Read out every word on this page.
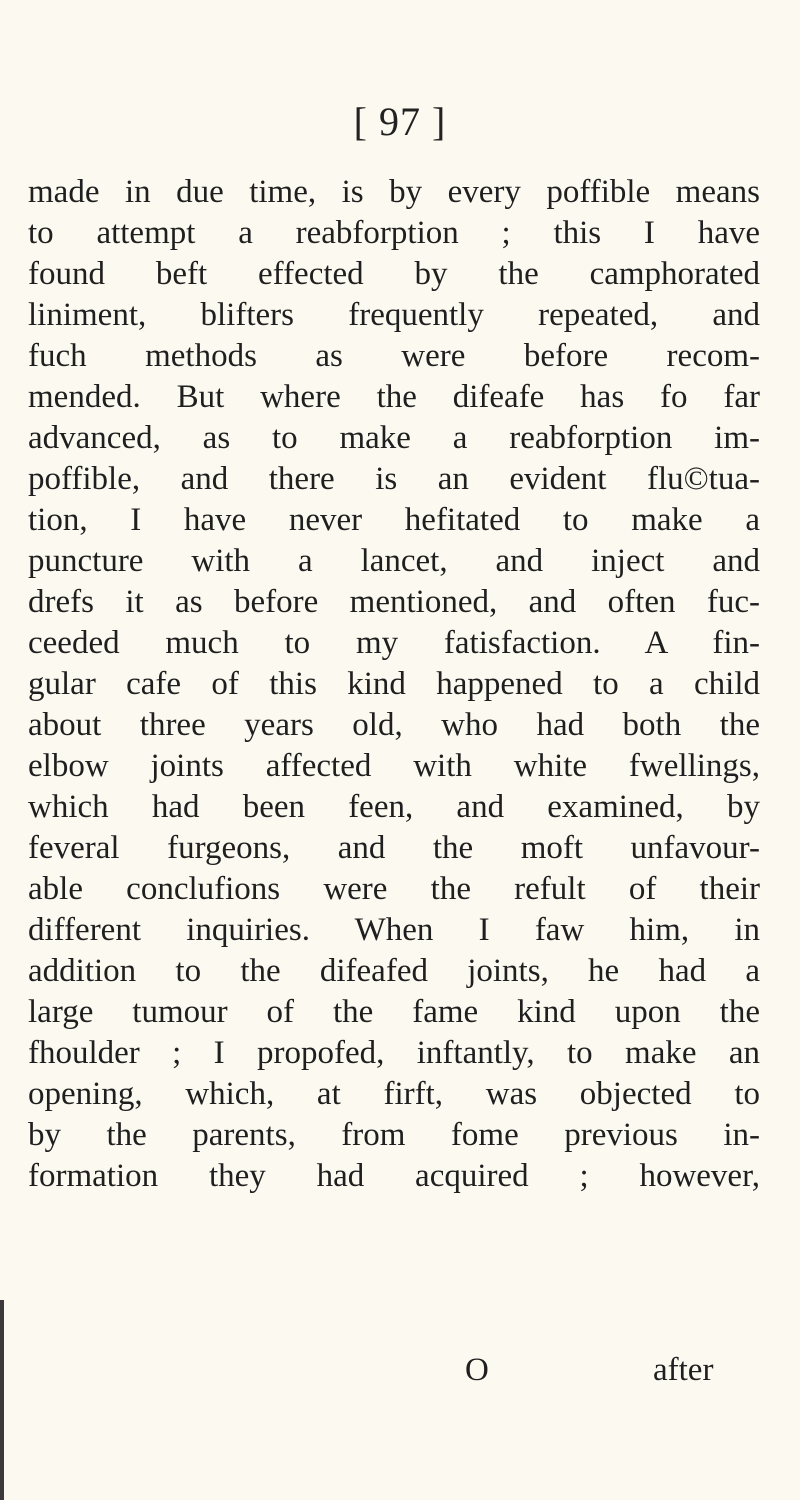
[ 97 ]
made in due time, is by every poffible means
to attempt a reabforption ; this I have
found beft effected by the camphorated
liniment, blifters frequently repeated, and
fuch methods as were before recom-
mended. But where the difeafe has fo far
advanced, as to make a reabforption im-
poffible, and there is an evident flu©tua-
tion, I have never hefitated to make a
puncture with a lancet, and inject and
drefs it as before mentioned, and often fuc-
ceeded much to my fatisfaction. A fin-
gular cafe of this kind happened to a child
about three years old, who had both the
elbow joints affected with white fwellings,
which had been feen, and examined, by
feveral furgeons, and the moft unfavour-
able conclufions were the refult of their
different inquiries. When I faw him, in
addition to the difeafed joints, he had a
large tumour of the fame kind upon the
fhoulder ; I propofed, inftantly, to make an
opening, which, at firft, was objected to
by the parents, from fome previous in-
formation they had acquired ; however,
O	after
